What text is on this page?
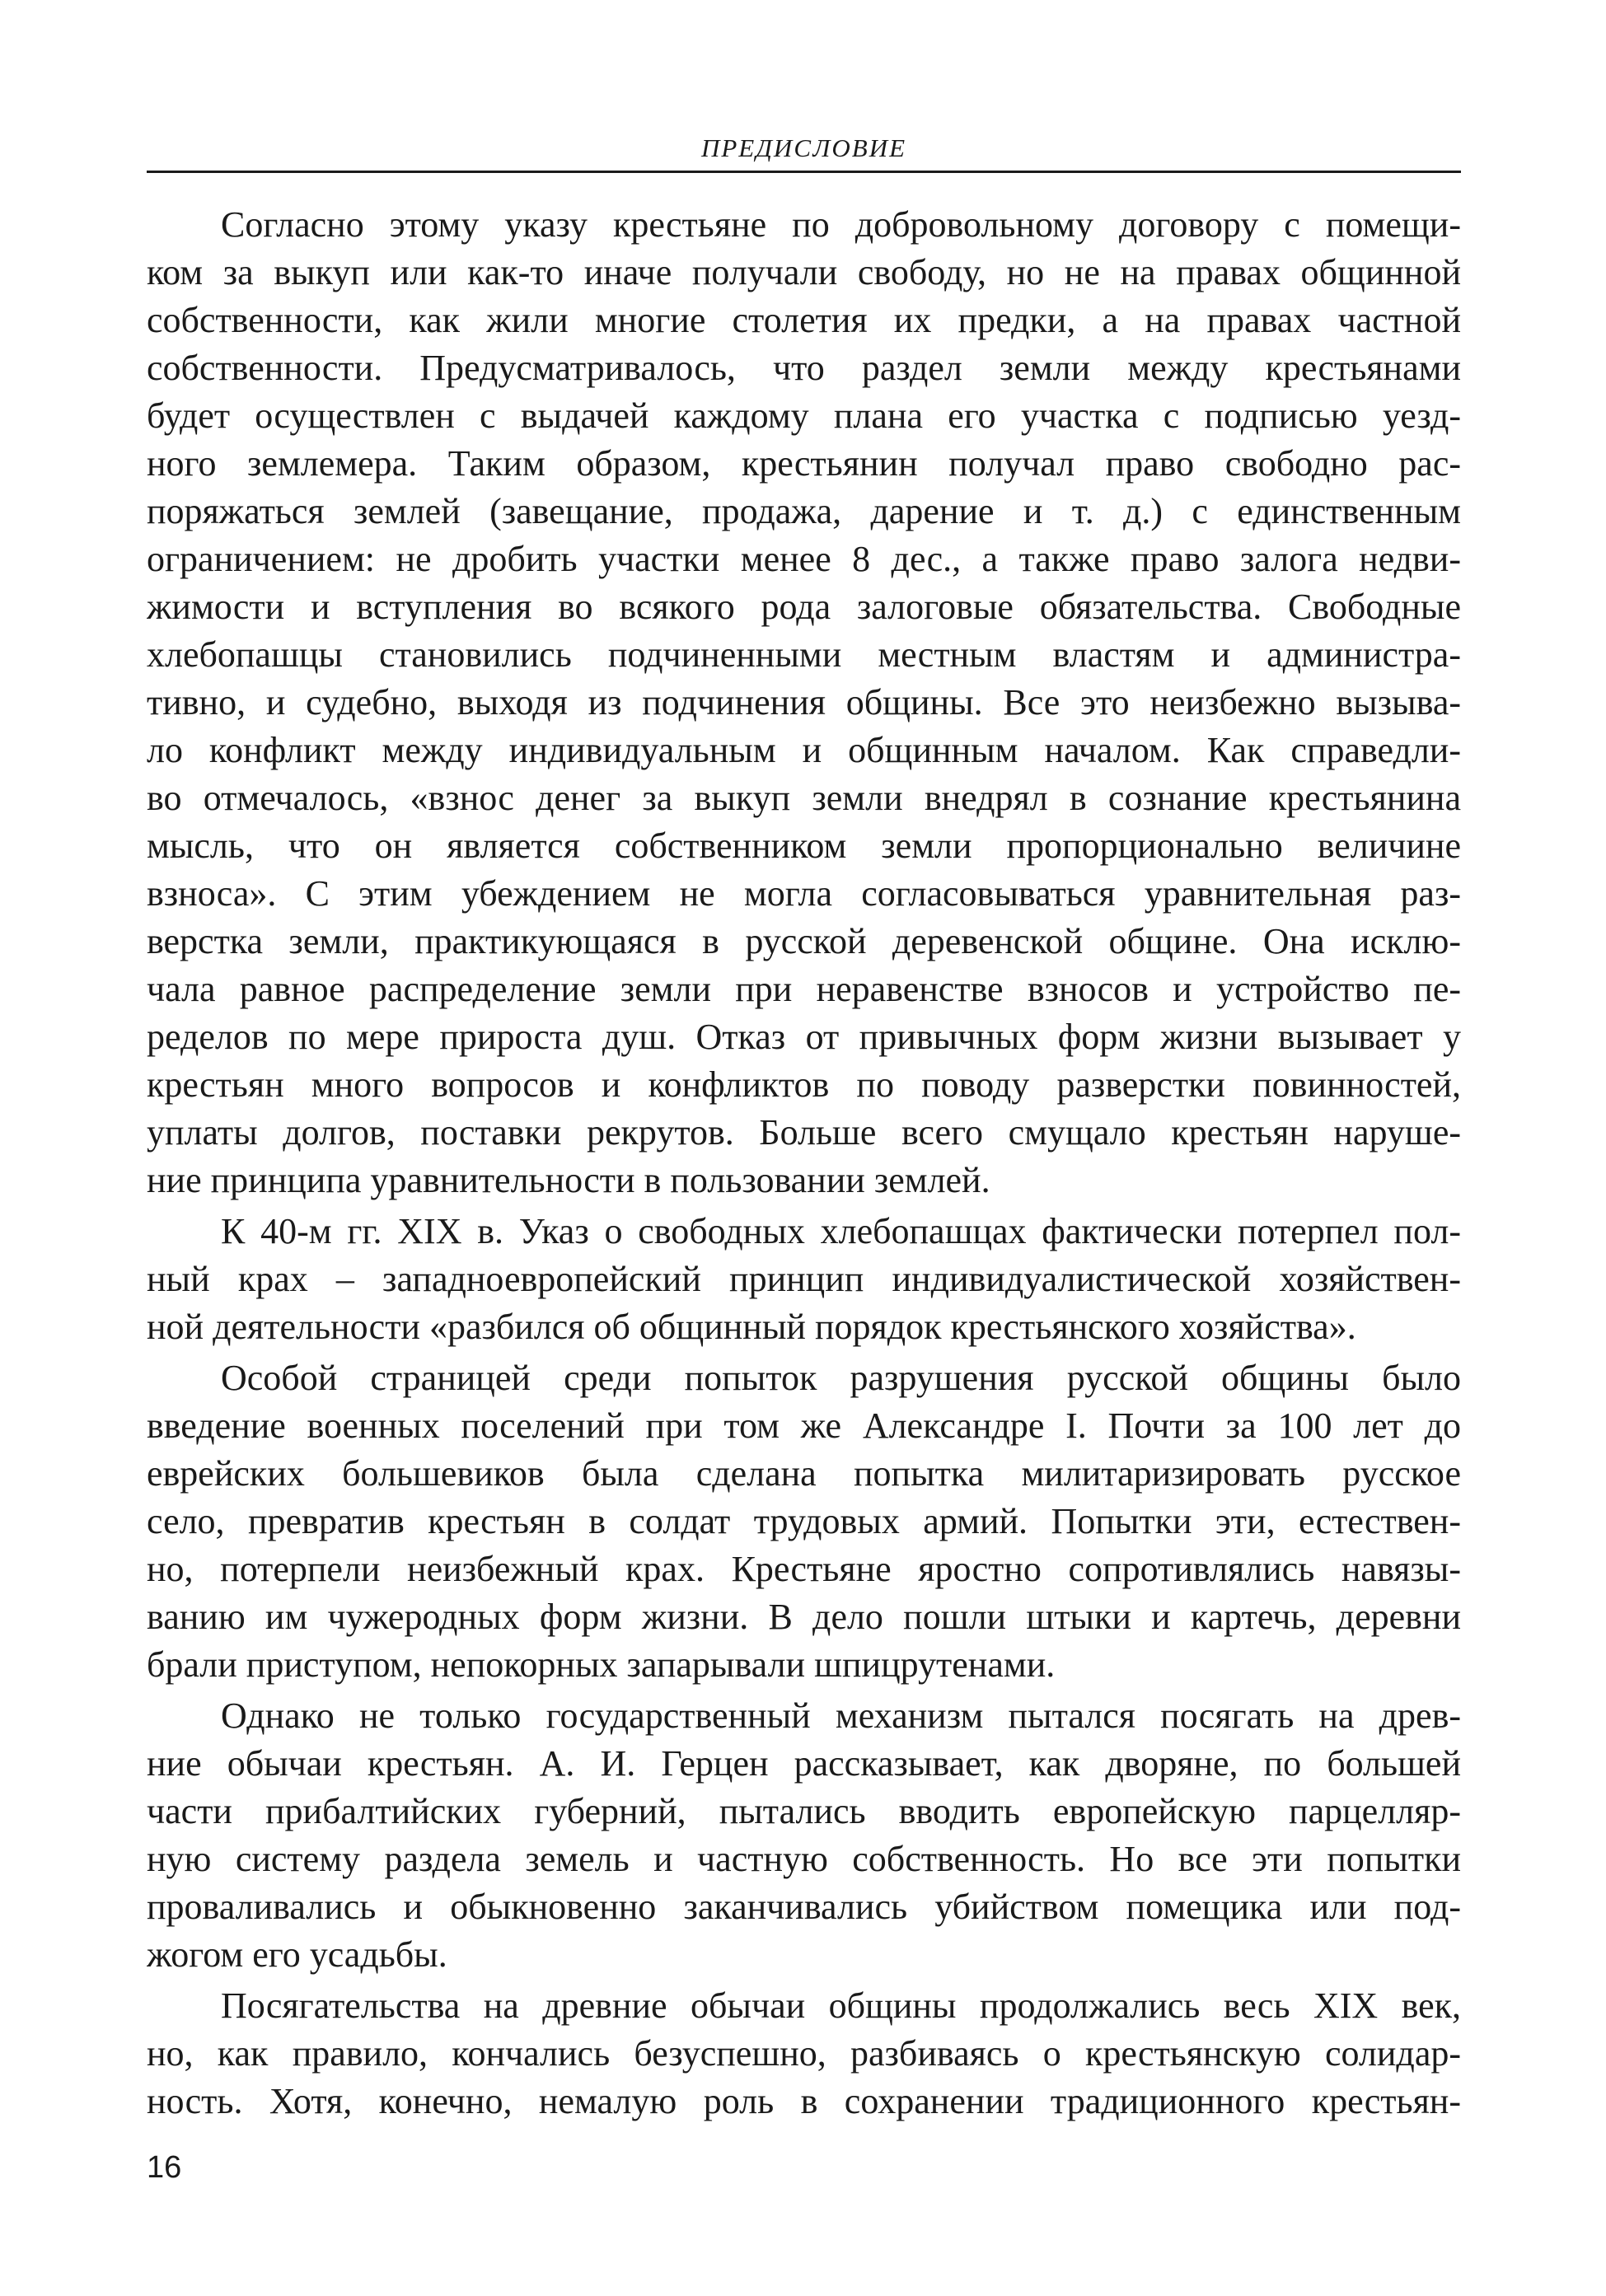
ПРЕДИСЛОВИЕ
Согласно этому указу крестьяне по добровольному договору с помещи-
ком за выкуп или как-то иначе получали свободу, но не на правах общинной
собственности, как жили многие столетия их предки, а на правах частной
собственности. Предусматривалось, что раздел земли между крестьянами
будет осуществлен с выдачей каждому плана его участка с подписью уезд-
ного землемера. Таким образом, крестьянин получал право свободно рас-
поряжаться землей (завещание, продажа, дарение и т. д.) с единственным
ограничением: не дробить участки менее 8 дес., а также право залога недви-
жимости и вступления во всякого рода залоговые обязательства. Свободные
хлебопашцы становились подчиненными местным властям и администра-
тивно, и судебно, выходя из подчинения общины. Все это неизбежно вызыва-
ло конфликт между индивидуальным и общинным началом. Как справедли-
во отмечалось, «взнос денег за выкуп земли внедрял в сознание крестьянина
мысль, что он является собственником земли пропорционально величине
взноса». С этим убеждением не могла согласовываться уравнительная раз-
верстка земли, практикующаяся в русской деревенской общине. Она исклю-
чала равное распределение земли при неравенстве взносов и устройство пе-
ределов по мере прироста душ. Отказ от привычных форм жизни вызывает у
крестьян много вопросов и конфликтов по поводу разверстки повинностей,
уплаты долгов, поставки рекрутов. Больше всего смущало крестьян наруше-
ние принципа уравнительности в пользовании землей.
К 40-м гг. XIX в. Указ о свободных хлебопашцах фактически потерпел пол-
ный крах – западноевропейский принцип индивидуалистической хозяйствен-
ной деятельности «разбился об общинный порядок крестьянского хозяйства».
Особой страницей среди попыток разрушения русской общины было
введение военных поселений при том же Александре I. Почти за 100 лет до
еврейских большевиков была сделана попытка милитаризировать русское
село, превратив крестьян в солдат трудовых армий. Попытки эти, естествен-
но, потерпели неизбежный крах. Крестьяне яростно сопротивлялись навязы-
ванию им чужеродных форм жизни. В дело пошли штыки и картечь, деревни
брали приступом, непокорных запарывали шпицрутенами.
Однако не только государственный механизм пытался посягать на древ-
ние обычаи крестьян. А. И. Герцен рассказывает, как дворяне, по большей
части прибалтийских губерний, пытались вводить европейскую парцелляр-
ную систему раздела земель и частную собственность. Но все эти попытки
проваливались и обыкновенно заканчивались убийством помещика или под-
жогом его усадьбы.
Посягательства на древние обычаи общины продолжались весь XIX век,
но, как правило, кончались безуспешно, разбиваясь о крестьянскую солидар-
ность. Хотя, конечно, немалую роль в сохранении традиционного крестьян-
16
